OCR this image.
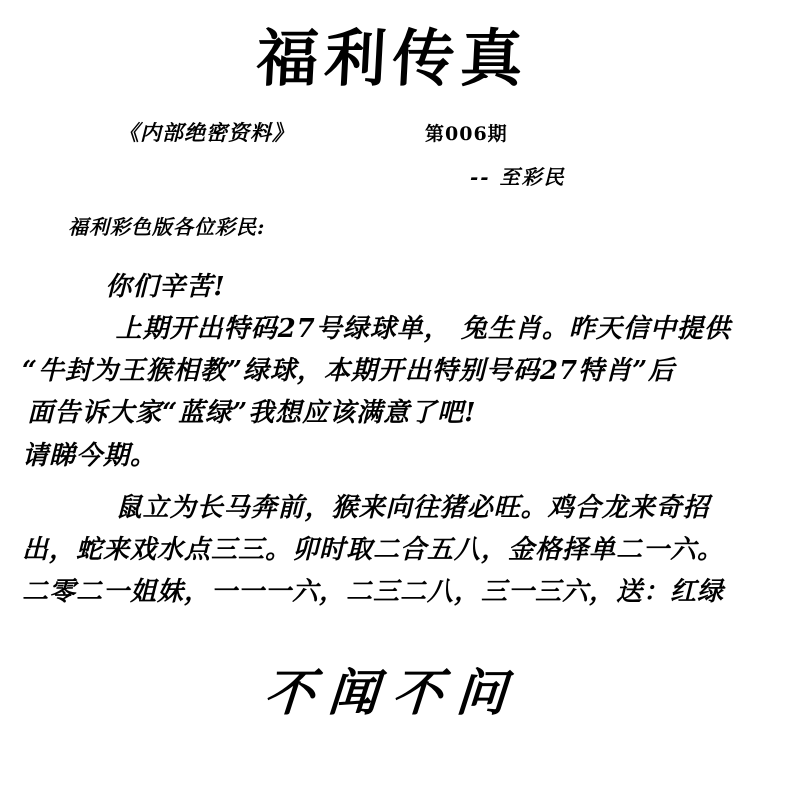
福利传真
《内部绝密资料》	第006期
-- 至彩民
福利彩色版各位彩民:
你们辛苦!
上期开出特码27号绿球单， 兔生肖。昨天信中提供
“牛封为王猴相教”绿球，本期开出特别号码27特肖”后
面告诉大家“蓝绿”我想应该满意了吧!
请睇今期。
鼠立为长马奔前，猴来向往猪必旺。鸡合龙来奇招
出，蛇来戏水点三三。卯时取二合五八，金格择单二一六。
二零二一姐妹，一一一六，二三二八，三一三六，送：红绿
不闻不问
